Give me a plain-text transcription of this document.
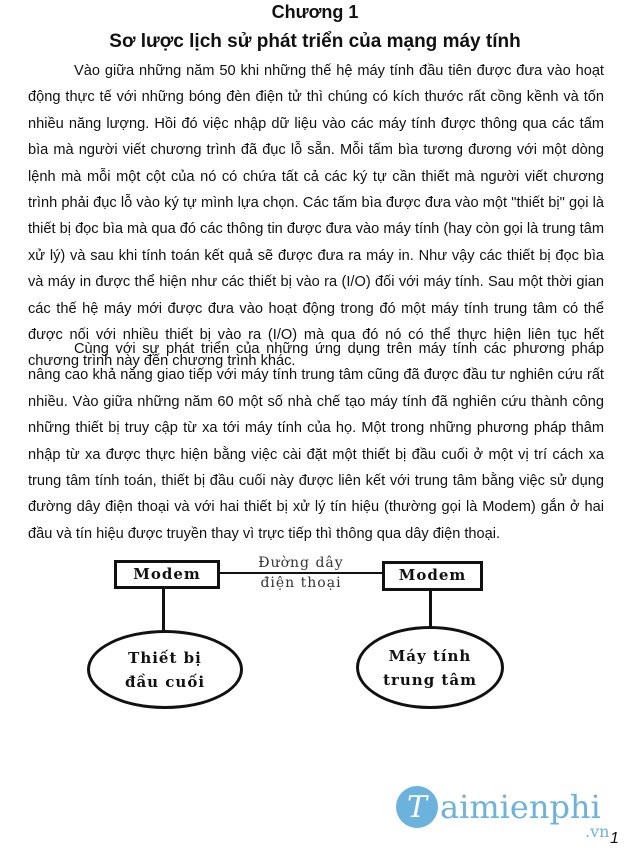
Chương 1
Sơ lược lịch sử phát triển của mạng máy tính

Vào giữa những năm 50 khi những thế hệ máy tính đầu tiên được đưa vào hoạt động thực tế với những bóng đèn điện tử thì chúng có kích thước rất cồng kềnh và tốn nhiều năng lượng. Hồi đó việc nhập dữ liệu vào các máy tính được thông qua các tấm bìa mà người viết chương trình đã đục lỗ sẵn. Mỗi tấm bìa tương đương với một dòng lệnh mà mỗi một cột của nó có chứa tất cả các ký tự cần thiết mà người viết chương trình phải đục lỗ vào ký tự mình lựa chọn. Các tấm bìa được đưa vào một "thiết bị" gọi là thiết bị đọc bìa mà qua đó các thông tin được đưa vào máy tính (hay còn gọi là trung tâm xử lý) và sau khi tính toán kết quả sẽ được đưa ra máy in. Như vậy các thiết bị đọc bìa và máy in được thể hiện như các thiết bị vào ra (I/O) đối với máy tính. Sau một thời gian các thế hệ máy mới được đưa vào hoạt động trong đó một máy tính trung tâm có thể được nối với nhiều thiết bị vào ra (I/O) mà qua đó nó có thể thực hiện liên tục hết chương trình này đến chương trình khác.

Cùng với sự phát triển của những ứng dụng trên máy tính các phương pháp nâng cao khả năng giao tiếp với máy tính trung tâm cũng đã được đầu tư nghiên cứu rất nhiều. Vào giữa những năm 60 một số nhà chế tạo máy tính đã nghiên cứu thành công những thiết bị truy cập từ xa tới máy tính của họ. Một trong những phương pháp thâm nhập từ xa được thực hiện bằng việc cài đặt một thiết bị đầu cuối ở một vị trí cách xa trung tâm tính toán, thiết bị đầu cuối này được liên kết với trung tâm bằng việc sử dụng đường dây điện thoại và với hai thiết bị xử lý tín hiệu (thường gọi là Modem) gắn ở hai đầu và tín hiệu được truyền thay vì trực tiếp thì thông qua dây điện thoại.

Đường dây
điện thoại
Modem	Modem
Thiết bị
đầu cuối
Máy tính
trung tâm
T aimienphi
.vn 1
